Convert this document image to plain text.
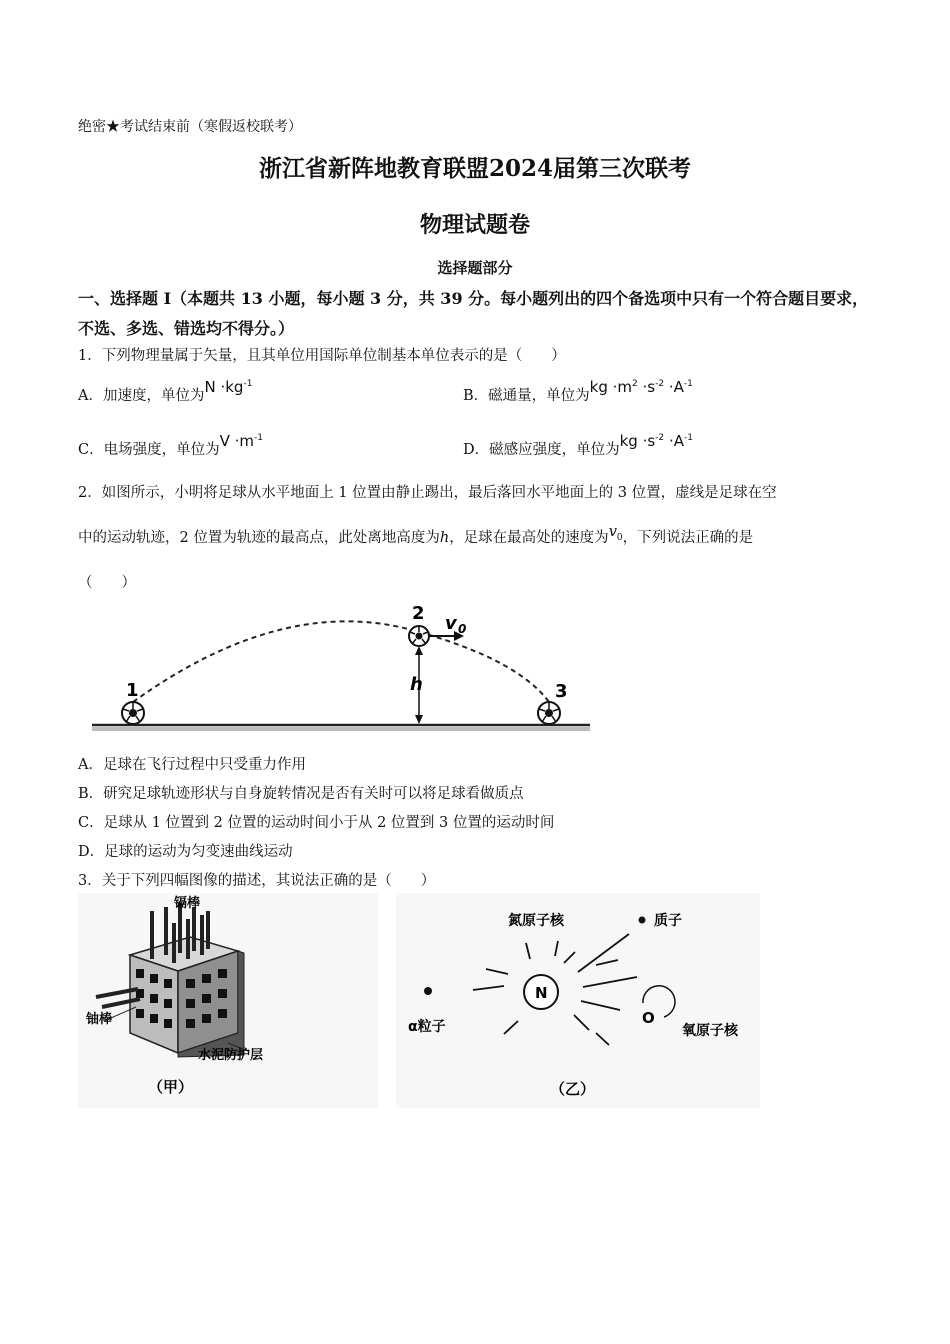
绝密★考试结束前（寒假返校联考）
浙江省新阵地教育联盟2024届第三次联考
物理试题卷
选择题部分
一、选择题 I（本题共 13 小题，每小题 3 分，共 39 分。每小题列出的四个备选项中只有一个符合题目要求，不选、多选、错选均不得分。）
1．下列物理量属于矢量，且其单位用国际单位制基本单位表示的是（　　）
A．加速度，单位为$N \cdot kg^{-1}$
B．磁通量，单位为kg $\cdot m^2 \cdot s^{-2} \cdot A^{-1}$
C．电场强度，单位为$V \cdot m^{-1}$
D．磁感应强度，单位为kg $\cdot s^{-2} \cdot A^{-1}$
2．如图所示，小明将足球从水平地面上 1 位置由静止踢出，最后落回水平地面上的 3 位置，虚线是足球在空
中的运动轨迹，2 位置为轨迹的最高点，此处离地高度为h，足球在最高处的速度为$v_0$，下列说法正确的是
（　　）
1
2
3
h
v 0
A．足球在飞行过程中只受重力作用
B．研究足球轨迹形状与自身旋转情况是否有关时可以将足球看做质点
C．足球从 1 位置到 2 位置的运动时间小于从 2 位置到 3 位置的运动时间
D．足球的运动为匀变速曲线运动
3．关于下列四幅图像的描述，其说法正确的是（　　）
镉棒
铀棒
水泥防护层
（甲）
N
O
氮原子核	质子
α粒子	氧原子核
（乙）
